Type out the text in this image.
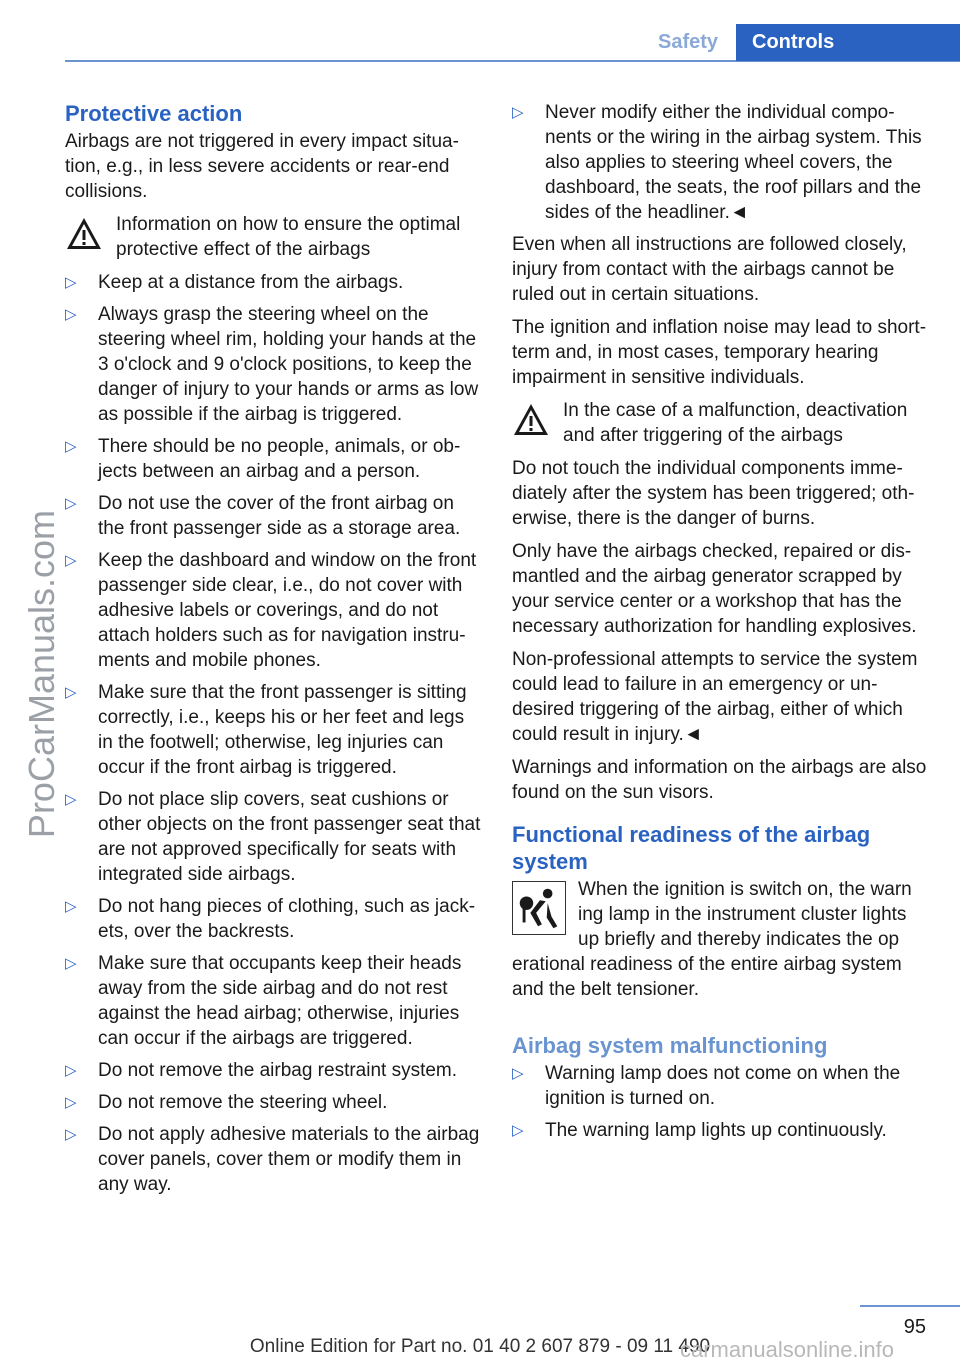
Safety	Controls
ProCarManuals.com
Protective action

Airbags are not triggered in every impact situation, e.g., in less severe accidents or rear-end collisions.

Information on how to ensure the optimal protective effect of the airbags
▷ Keep at a distance from the airbags.
▷ Always grasp the steering wheel on the steering wheel rim, holding your hands at the 3 o'clock and 9 o'clock positions, to keep the danger of injury to your hands or arms as low as possible if the airbag is triggered.
▷ There should be no people, animals, or objects between an airbag and a person.
▷ Do not use the cover of the front airbag on the front passenger side as a storage area.
▷ Keep the dashboard and window on the front passenger side clear, i.e., do not cover with adhesive labels or coverings, and do not attach holders such as for navigation instruments and mobile phones.
▷ Make sure that the front passenger is sitting correctly, i.e., keeps his or her feet and legs in the footwell; otherwise, leg injuries can occur if the front airbag is triggered.
▷ Do not place slip covers, seat cushions or other objects on the front passenger seat that are not approved specifically for seats with integrated side airbags.
▷ Do not hang pieces of clothing, such as jackets, over the backrests.
▷ Make sure that occupants keep their heads away from the side airbag and do not rest against the head airbag; otherwise, injuries can occur if the airbags are triggered.
▷ Do not remove the airbag restraint system.
▷ Do not remove the steering wheel.
▷ Do not apply adhesive materials to the airbag cover panels, cover them or modify them in any way.
▷ Never modify either the individual components or the wiring in the airbag system. This also applies to steering wheel covers, the dashboard, the seats, the roof pillars and the sides of the headliner.◄

Even when all instructions are followed closely, injury from contact with the airbags cannot be ruled out in certain situations.

The ignition and inflation noise may lead to short-term and, in most cases, temporary hearing impairment in sensitive individuals.

In the case of a malfunction, deactivation and after triggering of the airbags

Do not touch the individual components immediately after the system has been triggered; otherwise, there is the danger of burns.

Only have the airbags checked, repaired or dismantled and the airbag generator scrapped by your service center or a workshop that has the necessary authorization for handling explosives.

Non-professional attempts to service the system could lead to failure in an emergency or undesired triggering of the airbag, either of which could result in injury.◄

Warnings and information on the airbags are also found on the sun visors.

Functional readiness of the airbag system
When the ignition is switch on, the warn
ing lamp in the instrument cluster lights
up briefly and thereby indicates the op
erational readiness of the entire airbag system and the belt tensioner.
Airbag system malfunctioning
▷ Warning lamp does not come on when the ignition is turned on.
▷ The warning lamp lights up continuously.
95
Online Edition for Part no. 01 40 2 607 879 - 09 11 490
carmanualsonline.info
